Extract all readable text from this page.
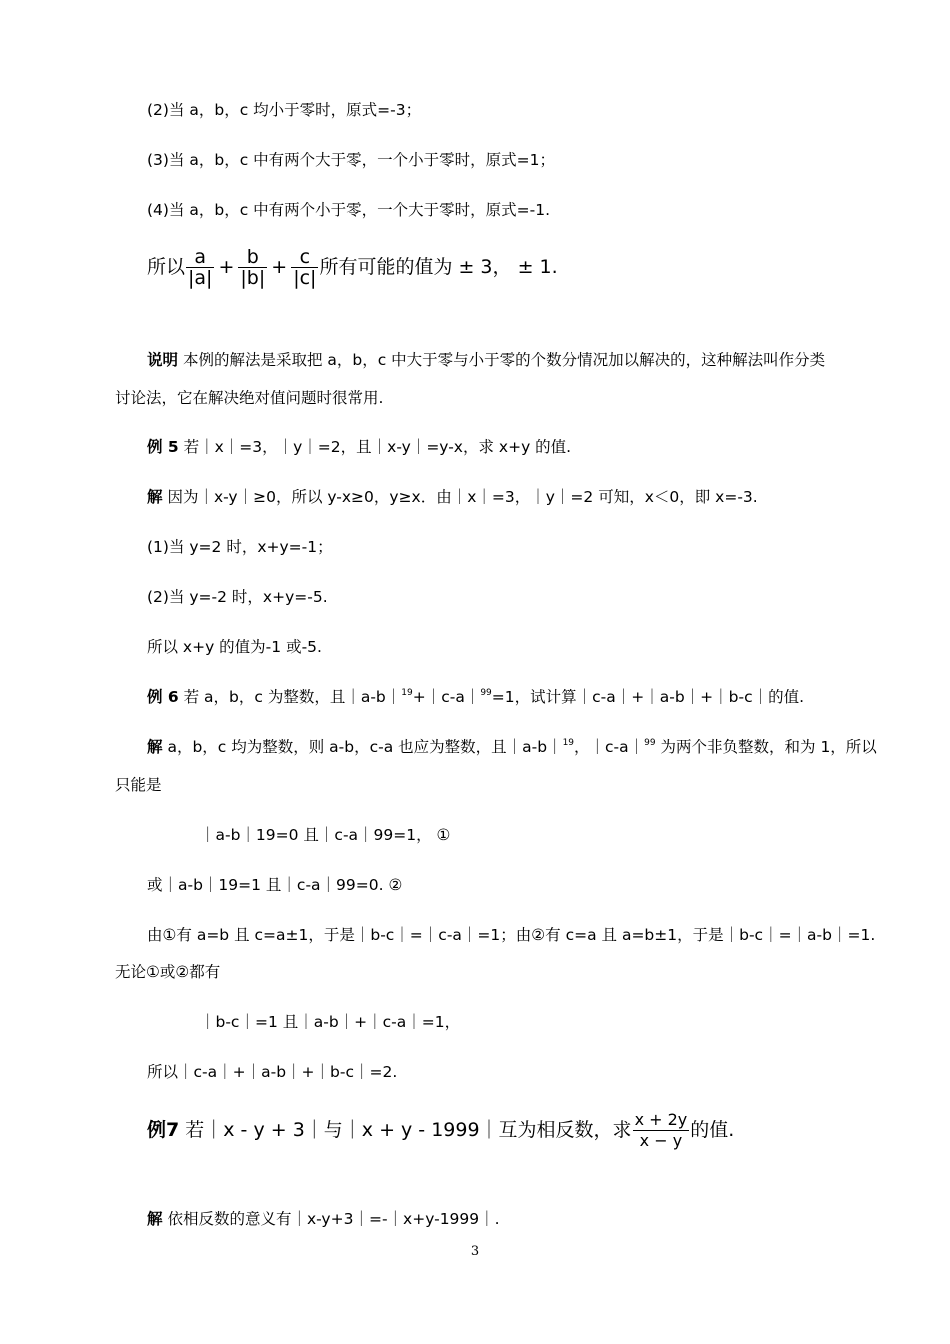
(2)当 a，b，c 均小于零时，原式=-3；
(3)当 a，b，c 中有两个大于零，一个小于零时，原式=1；
(4)当 a，b，c 中有两个小于零，一个大于零时，原式=-1.
所以 $\frac{a}{|a|} + \frac{b}{|b|} + \frac{c}{|c|}$ 所有可能的值为 ± 3， ± 1.
说明 本例的解法是采取把 a，b，c 中大于零与小于零的个数分情况加以解决的，这种解法叫作分类
讨论法，它在解决绝对值问题时很常用.
例 5 若｜x｜=3，｜y｜=2，且｜x-y｜=y-x，求 x+y 的值.
解 因为｜x-y｜≥0，所以 y-x≥0，y≥x．由｜x｜=3，｜y｜=2 可知，x＜0，即 x=-3.
(1)当 y=2 时，x+y=-1；
(2)当 y=-2 时，x+y=-5.
所以 x+y 的值为-1 或-5.
例 6 若 a，b，c 为整数，且｜a-b｜$^{19}$+｜c-a｜$^{99}$=1，试计算｜c-a｜+｜a-b｜+｜b-c｜的值.
解 a，b，c 均为整数，则 a-b，c-a 也应为整数，且｜a-b｜$^{19}$，｜c-a｜$^{99}$ 为两个非负整数，和为 1，所以
只能是
｜a-b｜19=0 且｜c-a｜99=1， ①
或｜a-b｜19=1 且｜c-a｜99=0. ②
由①有 a=b 且 c=a±1，于是｜b-c｜=｜c-a｜=1；由②有 c=a 且 a=b±1，于是｜b-c｜=｜a-b｜=1.
无论①或②都有
｜b-c｜=1 且｜a-b｜+｜c-a｜=1，
所以｜c-a｜+｜a-b｜+｜b-c｜=2.
例7 若｜x - y + 3｜与｜x + y - 1999｜互为相反数，求 $\frac{x + 2y}{x - y}$ 的值.
解 依相反数的意义有｜x-y+3｜=-｜x+y-1999｜.
3
